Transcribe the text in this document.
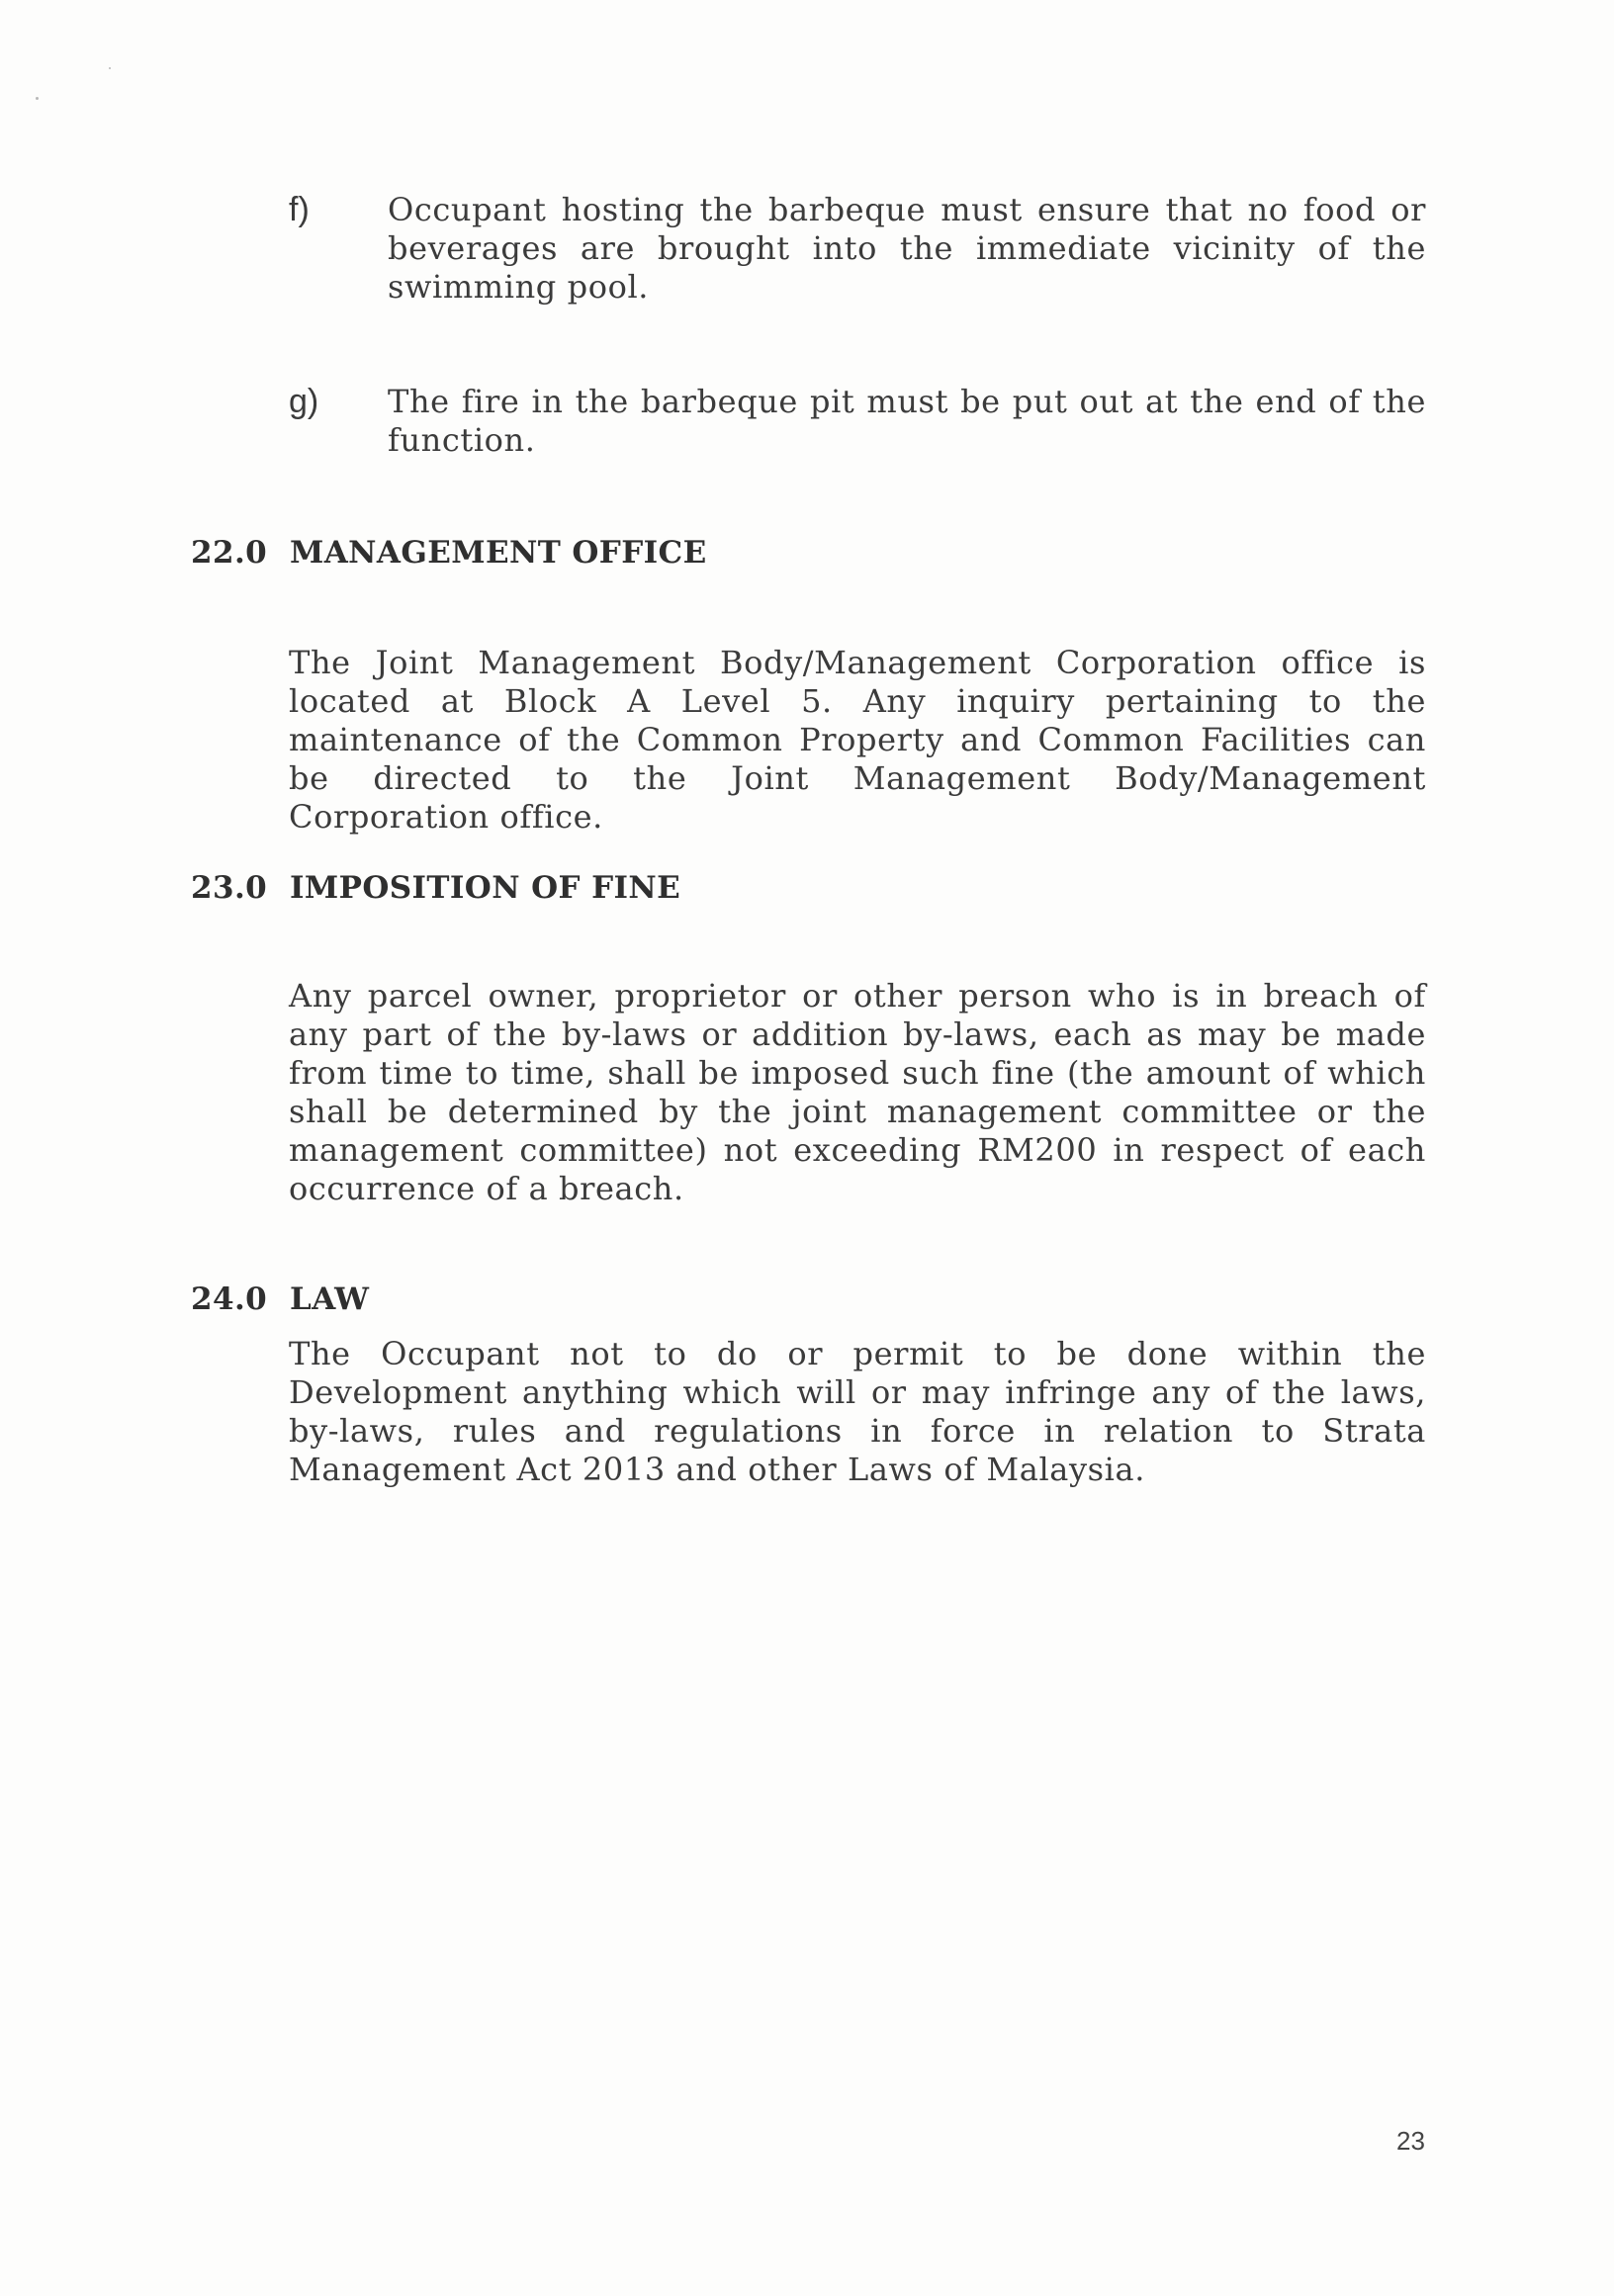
f) Occupant hosting the barbeque must ensure that no food or beverages are brought into the immediate vicinity of the swimming pool.
g) The fire in the barbeque pit must be put out at the end of the function.
22.0 MANAGEMENT OFFICE
The Joint Management Body/Management Corporation office is located at Block A Level 5. Any inquiry pertaining to the maintenance of the Common Property and Common Facilities can be directed to the Joint Management Body/Management Corporation office.
23.0 IMPOSITION OF FINE
Any parcel owner, proprietor or other person who is in breach of any part of the by-laws or addition by-laws, each as may be made from time to time, shall be imposed such fine (the amount of which shall be determined by the joint management committee or the management committee) not exceeding RM200 in respect of each occurrence of a breach.
24.0 LAW
The Occupant not to do or permit to be done within the Development anything which will or may infringe any of the laws, by-laws, rules and regulations in force in relation to Strata Management Act 2013 and other Laws of Malaysia.
23
